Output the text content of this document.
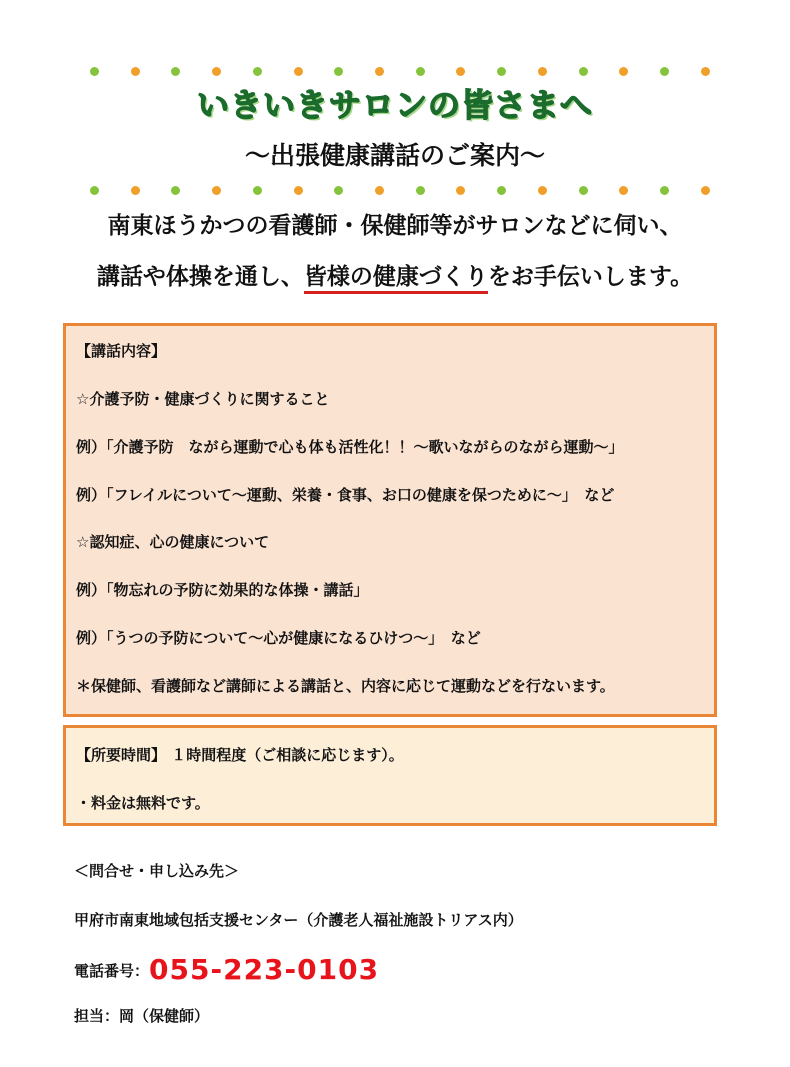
いきいきサロンの皆さまへ
～出張健康講話のご案内～
南東ほうかつの看護師・保健師等がサロンなどに伺い、
講話や体操を通し、皆様の健康づくりをお手伝いします。
【講話内容】
☆介護予防・健康づくりに関すること
例）「介護予防　ながら運動で心も体も活性化！！～歌いながらのながら運動～」
例）「フレイルについて～運動、栄養・食事、お口の健康を保つために～」　など
☆認知症、心の健康について
例）「物忘れの予防に効果的な体操・講話」
例）「うつの予防について～心が健康になるひけつ～」　など
＊保健師、看護師など講師による講話と、内容に応じて運動などを行ないます。
【所要時間】 １時間程度（ご相談に応じます）。
・料金は無料です。
＜問合せ・申し込み先＞
甲府市南東地域包括支援センター（介護老人福祉施設トリアス内）
電話番号：055-223-0103
担当：岡（保健師）
